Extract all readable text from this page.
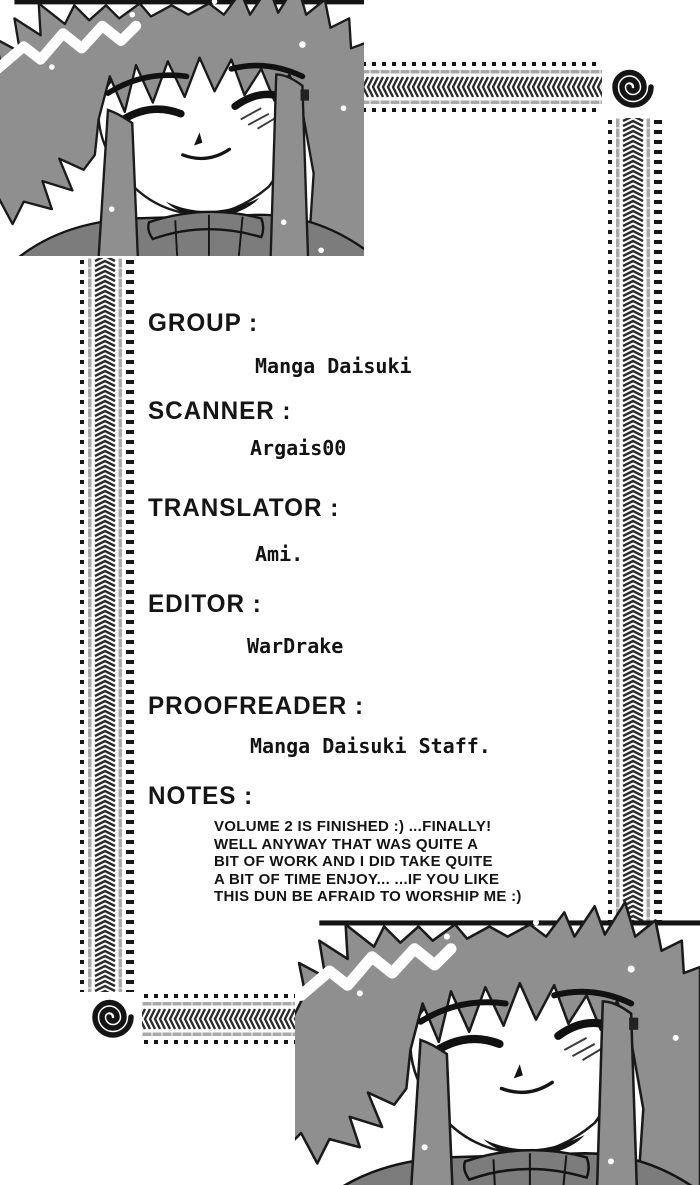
GROUP :
Manga Daisuki
SCANNER :
Argais00
TRANSLATOR :
Ami.
EDITOR :
WarDrake
PROOFREADER :
Manga Daisuki Staff.
NOTES :
VOLUME 2 IS FINISHED :) ...FINALLY!
WELL ANYWAY THAT WAS QUITE A
BIT OF WORK AND I DID TAKE QUITE
A BIT OF TIME ENJOY... ...IF YOU LIKE
THIS DUN BE AFRAID TO WORSHIP ME :)
